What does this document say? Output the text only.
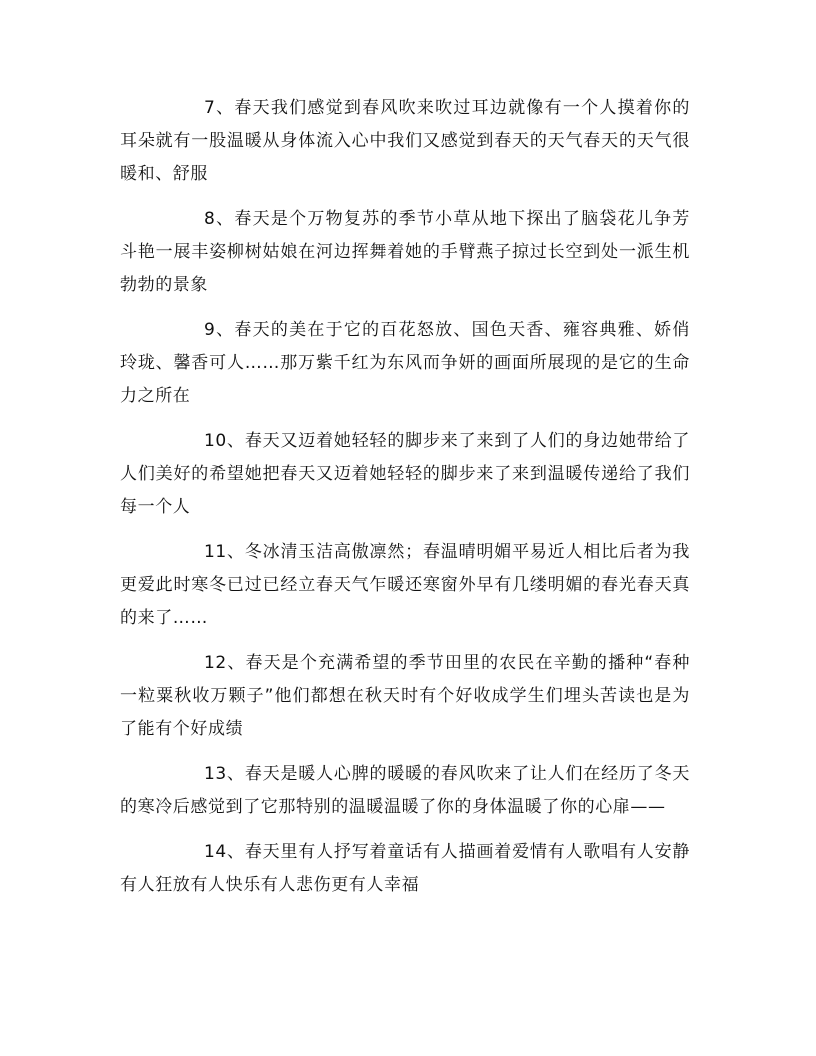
7、春天我们感觉到春风吹来吹过耳边就像有一个人摸着你的耳朵就有一股温暖从身体流入心中我们又感觉到春天的天气春天的天气很暖和、舒服

8、春天是个万物复苏的季节小草从地下探出了脑袋花儿争芳斗艳一展丰姿柳树姑娘在河边挥舞着她的手臂燕子掠过长空到处一派生机勃勃的景象

9、春天的美在于它的百花怒放、国色天香、雍容典雅、娇俏玲珑、馨香可人……那万紫千红为东风而争妍的画面所展现的是它的生命力之所在

10、春天又迈着她轻轻的脚步来了来到了人们的身边她带给了人们美好的希望她把春天又迈着她轻轻的脚步来了来到温暖传递给了我们每一个人

11、冬冰清玉洁高傲凛然；春温晴明媚平易近人相比后者为我更爱此时寒冬已过已经立春天气乍暖还寒窗外早有几缕明媚的春光春天真的来了……

12、春天是个充满希望的季节田里的农民在辛勤的播种“春种一粒粟秋收万颗子”他们都想在秋天时有个好收成学生们埋头苦读也是为了能有个好成绩

13、春天是暖人心脾的暖暖的春风吹来了让人们在经历了冬天的寒冷后感觉到了它那特别的温暖温暖了你的身体温暖了你的心扉——

14、春天里有人抒写着童话有人描画着爱情有人歌唱有人安静有人狂放有人快乐有人悲伤更有人幸福
